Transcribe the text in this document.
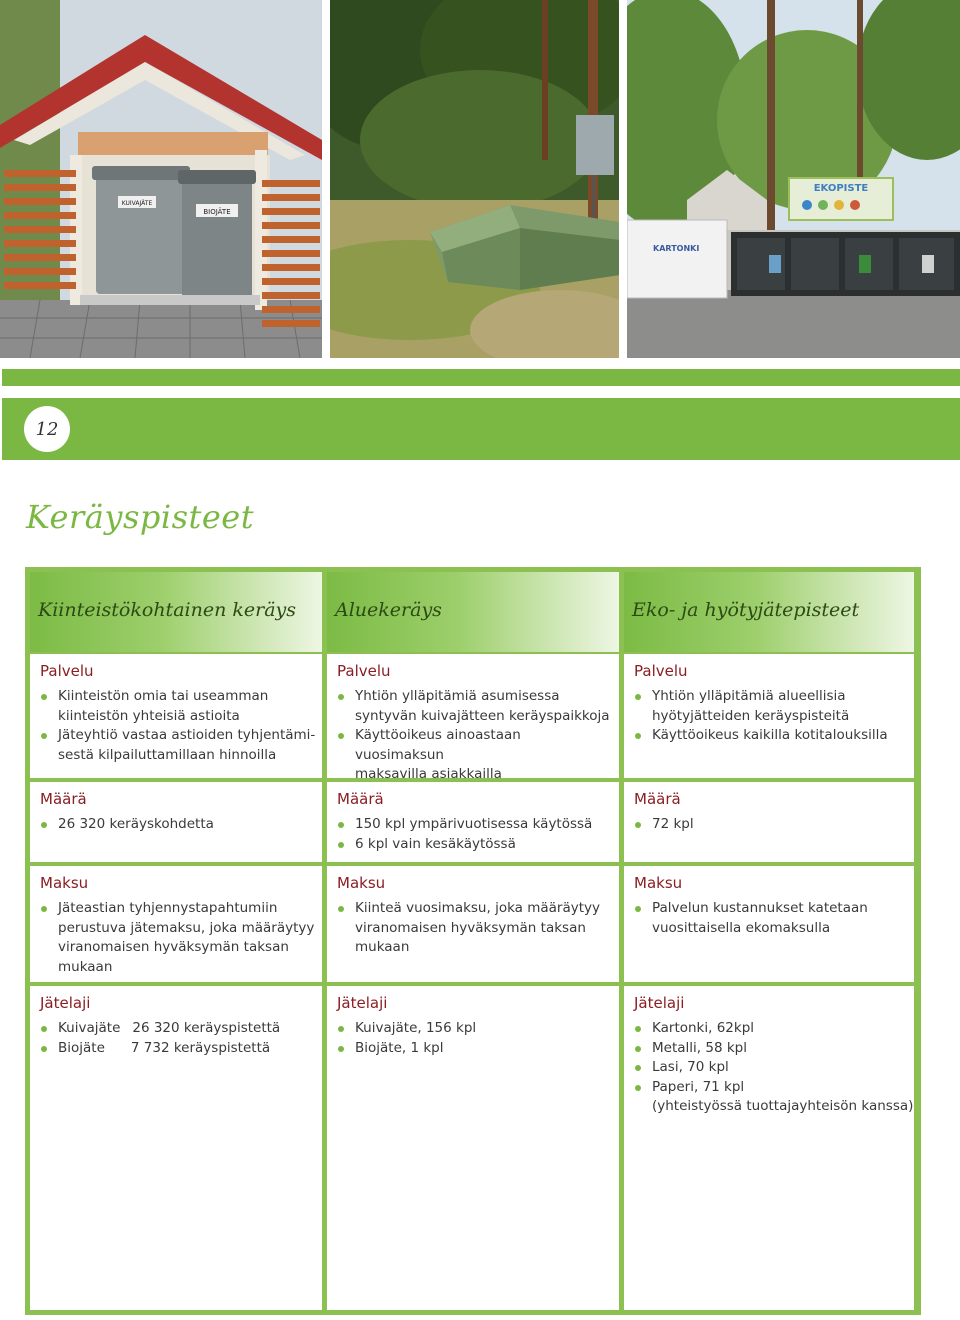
KUIVAJÄTE
BIOJÄTE
EKOPISTE
KARTONKI
12
Keräyspisteet
Kiinteistökohtainen keräys
Palvelu
Kiinteistön omia tai useamman
kiinteistön yhteisiä astioita
Jäteyhtiö vastaa astioiden tyhjentämi-
sestä kilpailuttamillaan hinnoilla
Määrä
26 320 keräyskohdetta
Maksu
Jäteastian tyhjennystapahtumiin
perustuva jätemaksu, joka määräytyy
viranomaisen hyväksymän taksan
mukaan
Jätelaji
Kuivajäte 26 320 keräyspistettä
Biojäte 7 732 keräyspistettä
Aluekeräys
Palvelu
Yhtiön ylläpitämiä asumisessa
syntyvän kuivajätteen keräyspaikkoja
Käyttöoikeus ainoastaan vuosimaksun
maksavilla asiakkailla
Määrä
150 kpl ympärivuotisessa käytössä
6 kpl vain kesäkäytössä
Maksu
Kiinteä vuosimaksu, joka määräytyy
viranomaisen hyväksymän taksan
mukaan
Jätelaji
Kuivajäte, 156 kpl
Biojäte, 1 kpl
Eko- ja hyötyjätepisteet
Palvelu
Yhtiön ylläpitämiä alueellisia
hyötyjätteiden keräyspisteitä
Käyttöoikeus kaikilla kotitalouksilla
Määrä
72 kpl
Maksu
Palvelun kustannukset katetaan
vuosittaisella ekomaksulla
Jätelaji
Kartonki, 62kpl
Metalli, 58 kpl
Lasi, 70 kpl
Paperi, 71 kpl
(yhteistyössä tuottajayhteisön kanssa)
